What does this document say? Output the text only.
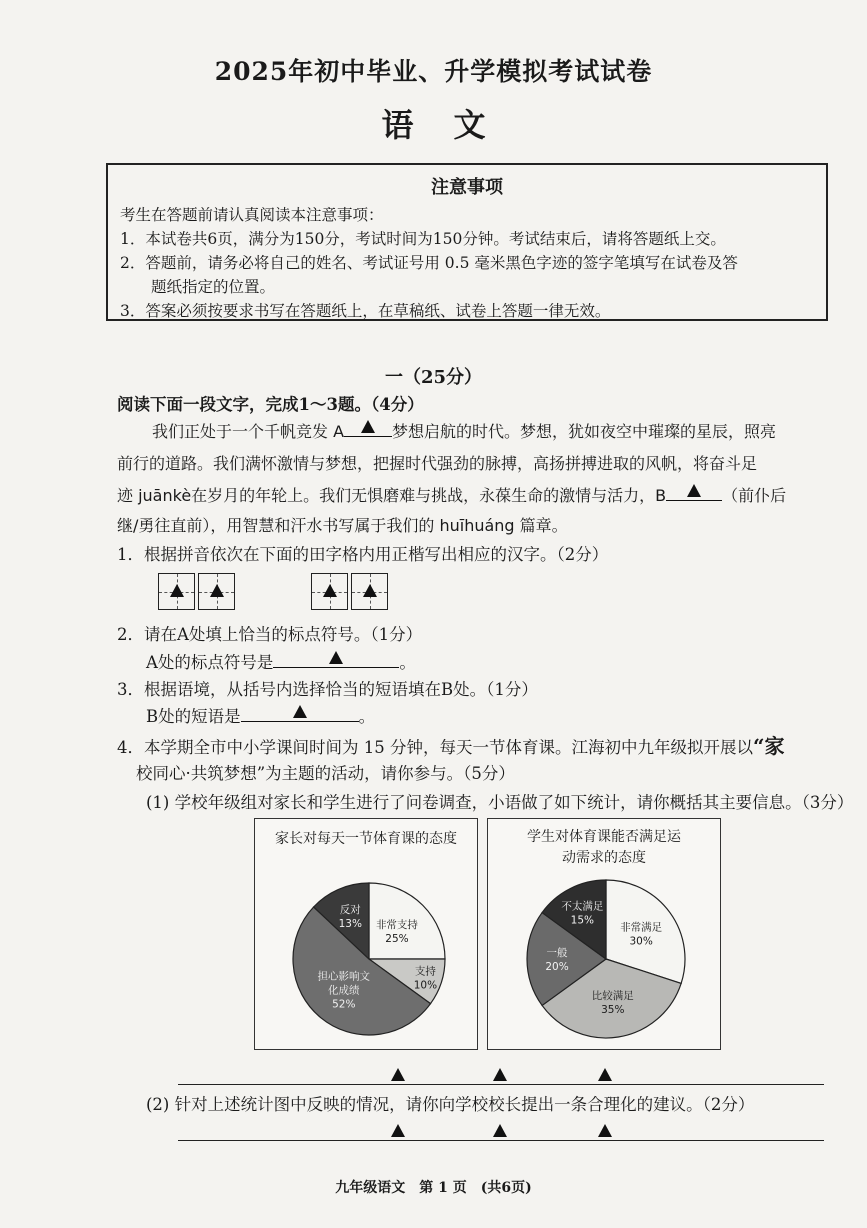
2025年初中毕业、升学模拟考试试卷
语文
注意事项

考生在答题前请认真阅读本注意事项：

1．本试卷共6页，满分为150分，考试时间为150分钟。考试结束后，请将答题纸上交。

2．答题前，请务必将自己的姓名、考试证号用 0.5 毫米黑色字迹的签字笔填写在试卷及答

　　题纸指定的位置。

3．答案必须按要求书写在答题纸上，在草稿纸、试卷上答题一律无效。

一（25分）
阅读下面一段文字，完成1～3题。（4分）
我们正处于一个千帆竞发 A	梦想启航的时代。梦想，犹如夜空中璀璨的星辰，照亮
前行的道路。我们满怀激情与梦想，把握时代强劲的脉搏，高扬拼搏进取的风帆，将奋斗足
迹 juānkè在岁月的年轮上。我们无惧磨难与挑战，永葆生命的激情与活力，B	（前仆后
继/勇往直前），用智慧和汗水书写属于我们的 huīhuáng 篇章。
1．根据拼音依次在下面的田字格内用正楷写出相应的汉字。（2分）
2．请在A处填上恰当的标点符号。（1分）
A处的标点符号是	。
3．根据语境，从括号内选择恰当的短语填在B处。（1分）
B处的短语是	。
4．本学期全市中小学课间时间为 15 分钟，每天一节体育课。江海初中九年级拟开展以“家
校同心·共筑梦想”为主题的活动，请你参与。（5分）
(1) 学校年级组对家长和学生进行了问卷调查，小语做了如下统计，请你概括其主要信息。（3分）
家长对每天一节体育课的态度
非常支持
25%
支持
10%
担心影响文
化成绩
52%
反对
13%
学生对体育课能否满足运动需求的态度
非常满足
30%
比较满足
35%
一般
20%
不太满足
15%
(2) 针对上述统计图中反映的情况，请你向学校校长提出一条合理化的建议。（2分）
九年级语文　第 1 页　(共6页)
